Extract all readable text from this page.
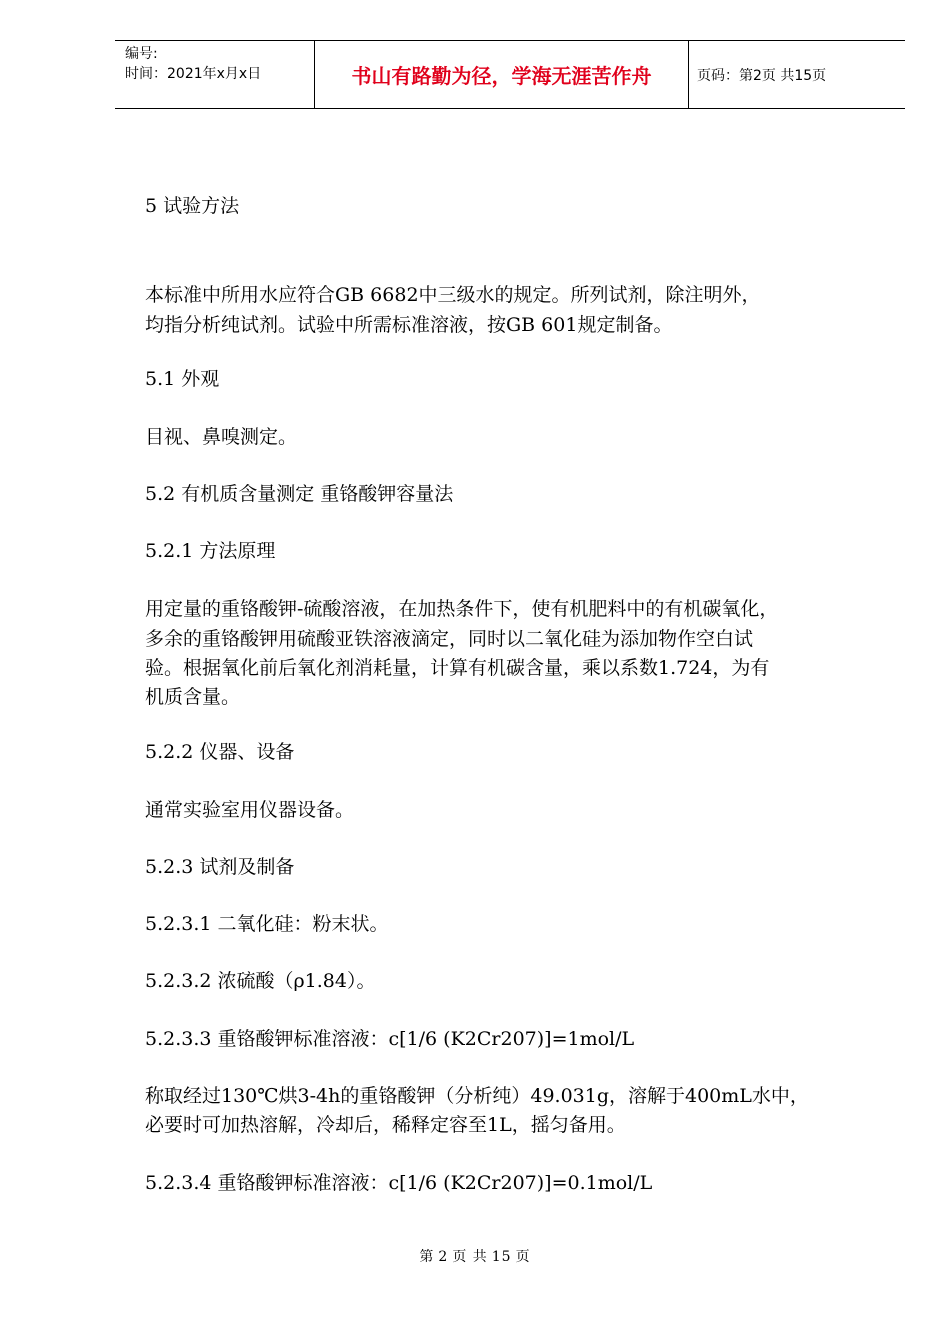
编号:
时间：2021年x月x日	书山有路勤为径，学海无涯苦作舟	页码：第2页 共15页
5 试验方法
本标准中所用水应符合GB 6682中三级水的规定。所列试剂，除注明外，
均指分析纯试剂。试验中所需标准溶液，按GB 601规定制备。
5.1 外观
目视、鼻嗅测定。
5.2 有机质含量测定 重铬酸钾容量法
5.2.1 方法原理
用定量的重铬酸钾-硫酸溶液，在加热条件下，使有机肥料中的有机碳氧化，
多余的重铬酸钾用硫酸亚铁溶液滴定，同时以二氧化硅为添加物作空白试
验。根据氧化前后氧化剂消耗量，计算有机碳含量，乘以系数1.724，为有
机质含量。
5.2.2 仪器、设备
通常实验室用仪器设备。
5.2.3 试剂及制备
5.2.3.1 二氧化硅：粉末状。
5.2.3.2 浓硫酸（ρ1.84）。
5.2.3.3 重铬酸钾标准溶液：c[1/6 (K2Cr207)]=1mol/L
称取经过130℃烘3-4h的重铬酸钾（分析纯）49.031g，溶解于400mL水中，
必要时可加热溶解，冷却后，稀释定容至1L，摇匀备用。
5.2.3.4 重铬酸钾标准溶液：c[1/6 (K2Cr207)]=0.1mol/L
第 2 页 共 15 页
